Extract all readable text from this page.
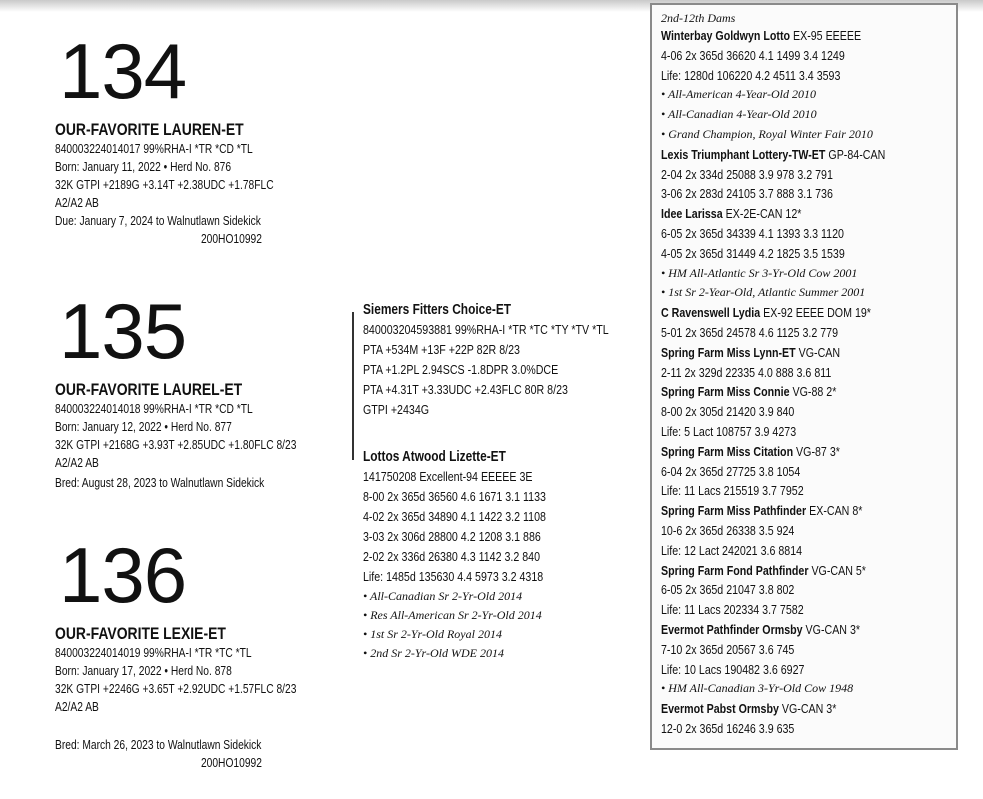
134
OUR-FAVORITE LAUREN-ET
840003224014017 99%RHA-I *TR *CD *TL
Born: January 11, 2022 • Herd No. 876
32K GTPI +2189G +3.14T +2.38UDC +1.78FLC
A2/A2 AB
Due: January 7, 2024 to Walnutlawn Sidekick
200HO10992
135
OUR-FAVORITE LAUREL-ET
840003224014018 99%RHA-I *TR *CD *TL
Born: January 12, 2022 • Herd No. 877
32K GTPI +2168G +3.93T +2.85UDC +1.80FLC 8/23
A2/A2 AB
Bred: August 28, 2023 to Walnutlawn Sidekick
136
OUR-FAVORITE LEXIE-ET
840003224014019 99%RHA-I *TR *TC *TL
Born: January 17, 2022 • Herd No. 878
32K GTPI +2246G +3.65T +2.92UDC +1.57FLC 8/23
A2/A2 AB
Bred: March 26, 2023 to Walnutlawn Sidekick
200HO10992
Siemers Fitters Choice-ET
840003204593881 99%RHA-I *TR *TC *TY *TV *TL
PTA +534M +13F +22P 82R 8/23
PTA +1.2PL 2.94SCS -1.8DPR 3.0%DCE
PTA +4.31T +3.33UDC +2.43FLC 80R 8/23
GTPI +2434G
Lottos Atwood Lizette-ET
141750208 Excellent-94 EEEEE 3E
8-00 2x 365d 36560 4.6 1671 3.1 1133
4-02 2x 365d 34890 4.1 1422 3.2 1108
3-03 2x 306d 28800 4.2 1208 3.1 886
2-02 2x 336d 26380 4.3 1142 3.2 840
Life: 1485d 135630 4.4 5973 3.2 4318
• All-Canadian Sr 2-Yr-Old 2014
• Res All-American Sr 2-Yr-Old 2014
• 1st Sr 2-Yr-Old Royal 2014
• 2nd Sr 2-Yr-Old WDE 2014
2nd-12th Dams
Winterbay Goldwyn Lotto EX-95 EEEEE
4-06 2x 365d 36620 4.1 1499 3.4 1249
Life: 1280d 106220 4.2 4511 3.4 3593
• All-American 4-Year-Old 2010
• All-Canadian 4-Year-Old 2010
• Grand Champion, Royal Winter Fair 2010
Lexis Triumphant Lottery-TW-ET GP-84-CAN
2-04 2x 334d 25088 3.9 978 3.2 791
3-06 2x 283d 24105 3.7 888 3.1 736
Idee Larissa EX-2E-CAN 12*
6-05 2x 365d 34339 4.1 1393 3.3 1120
4-05 2x 365d 31449 4.2 1825 3.5 1539
• HM All-Atlantic Sr 3-Yr-Old Cow 2001
• 1st Sr 2-Year-Old, Atlantic Summer 2001
C Ravenswell Lydia EX-92 EEEE DOM 19*
5-01 2x 365d 24578 4.6 1125 3.2 779
Spring Farm Miss Lynn-ET VG-CAN
2-11 2x 329d 22335 4.0 888 3.6 811
Spring Farm Miss Connie VG-88 2*
8-00 2x 305d 21420 3.9 840
Life: 5 Lact 108757 3.9 4273
Spring Farm Miss Citation VG-87 3*
6-04 2x 365d 27725 3.8 1054
Life: 11 Lacs 215519 3.7 7952
Spring Farm Miss Pathfinder EX-CAN 8*
10-6 2x 365d 26338 3.5 924
Life: 12 Lact 242021 3.6 8814
Spring Farm Fond Pathfinder VG-CAN 5*
6-05 2x 365d 21047 3.8 802
Life: 11 Lacs 202334 3.7 7582
Evermot Pathfinder Ormsby VG-CAN 3*
7-10 2x 365d 20567 3.6 745
Life: 10 Lacs 190482 3.6 6927
• HM All-Canadian 3-Yr-Old Cow 1948
Evermot Pabst Ormsby VG-CAN 3*
12-0 2x 365d 16246 3.9 635
